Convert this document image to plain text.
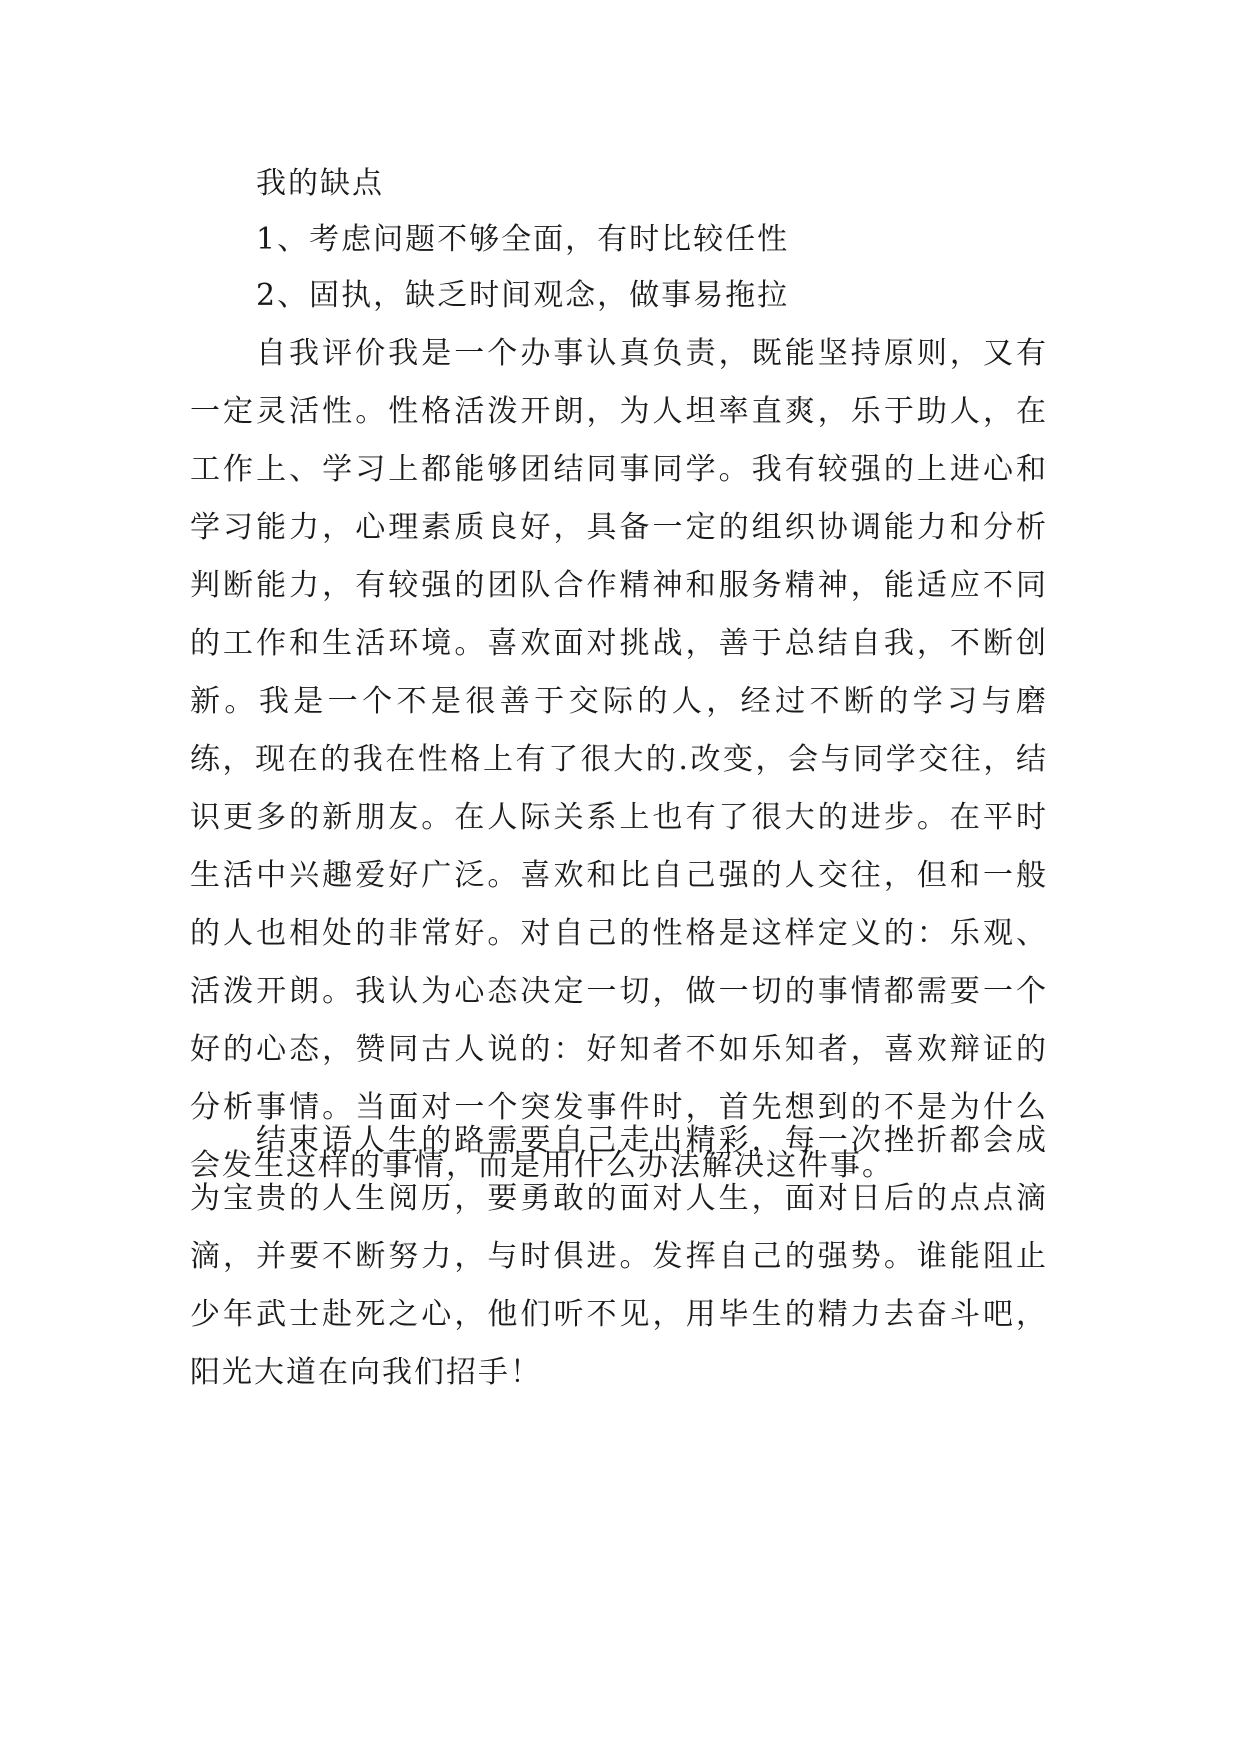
我的缺点

1、考虑问题不够全面，有时比较任性

2、固执，缺乏时间观念，做事易拖拉

自我评价我是一个办事认真负责，既能坚持原则，又有一定灵活性。性格活泼开朗，为人坦率直爽，乐于助人，在工作上、学习上都能够团结同事同学。我有较强的上进心和学习能力，心理素质良好，具备一定的组织协调能力和分析判断能力，有较强的团队合作精神和服务精神，能适应不同的工作和生活环境。喜欢面对挑战，善于总结自我，不断创新。我是一个不是很善于交际的人，经过不断的学习与磨练，现在的我在性格上有了很大的.改变，会与同学交往，结识更多的新朋友。在人际关系上也有了很大的进步。在平时生活中兴趣爱好广泛。喜欢和比自己强的人交往，但和一般的人也相处的非常好。对自己的性格是这样定义的：乐观、活泼开朗。我认为心态决定一切，做一切的事情都需要一个好的心态，赞同古人说的：好知者不如乐知者，喜欢辩证的分析事情。当面对一个突发事件时，首先想到的不是为什么会发生这样的事情，而是用什么办法解决这件事。

结束语人生的路需要自己走出精彩，每一次挫折都会成为宝贵的人生阅历，要勇敢的面对人生，面对日后的点点滴滴，并要不断努力，与时俱进。发挥自己的强势。谁能阻止少年武士赴死之心，他们听不见，用毕生的精力去奋斗吧，阳光大道在向我们招手！
